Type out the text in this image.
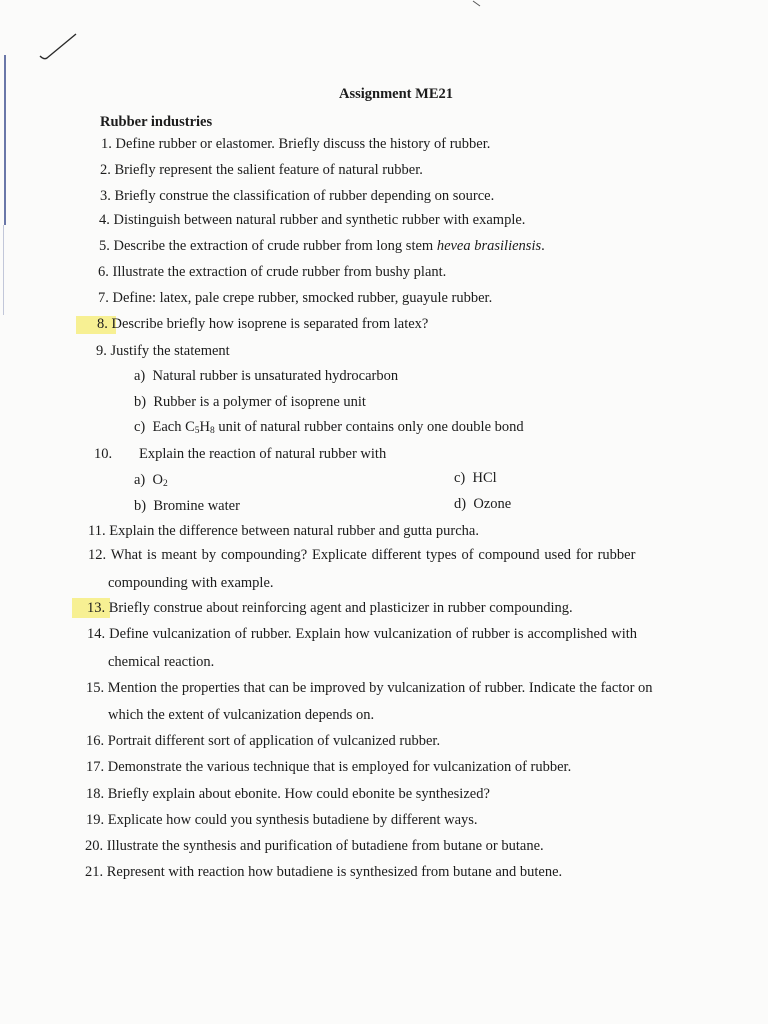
Assignment ME21
Rubber industries
1. Define rubber or elastomer. Briefly discuss the history of rubber.
2. Briefly represent the salient feature of natural rubber.
3. Briefly construe the classification of rubber depending on source.
4. Distinguish between natural rubber and synthetic rubber with example.
5. Describe the extraction of crude rubber from long stem hevea brasiliensis.
6. Illustrate the extraction of crude rubber from bushy plant.
7. Define: latex, pale crepe rubber, smocked rubber, guayule rubber.
8. Describe briefly how isoprene is separated from latex?
9. Justify the statement
a) Natural rubber is unsaturated hydrocarbon
b) Rubber is a polymer of isoprene unit
c) Each $C_5H_8$ unit of natural rubber contains only one double bond
10. Explain the reaction of natural rubber with
a) $O_2$	c) HCl
b) Bromine water	d) Ozone
11. Explain the difference between natural rubber and gutta purcha.
12. What is meant by compounding? Explicate different types of compound used for rubber
compounding with example.
13. Briefly construe about reinforcing agent and plasticizer in rubber compounding.
14. Define vulcanization of rubber. Explain how vulcanization of rubber is accomplished with
chemical reaction.
15. Mention the properties that can be improved by vulcanization of rubber. Indicate the factor on
which the extent of vulcanization depends on.
16. Portrait different sort of application of vulcanized rubber.
17. Demonstrate the various technique that is employed for vulcanization of rubber.
18. Briefly explain about ebonite. How could ebonite be synthesized?
19. Explicate how could you synthesis butadiene by different ways.
20. Illustrate the synthesis and purification of butadiene from butane or butane.
21. Represent with reaction how butadiene is synthesized from butane and butene.
